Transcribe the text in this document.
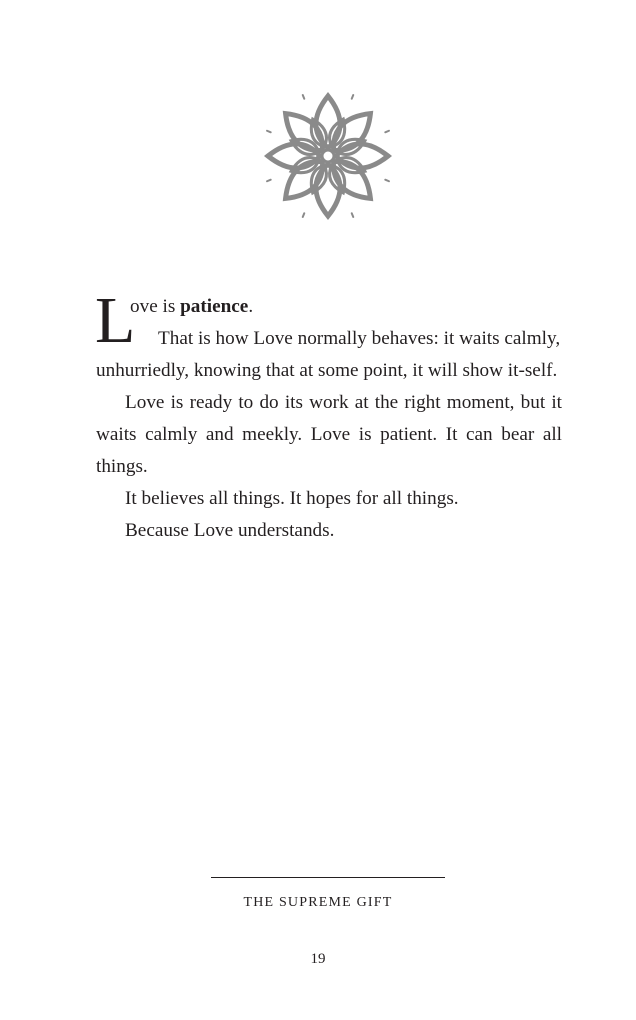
L

ove is patience.

That is how Love normally behaves: it waits calmly,

unhurriedly, knowing that at some point, it will show it-self.

Love is ready to do its work at the right moment, but it waits calmly and meekly. Love is patient. It can bear all things.

It believes all things. It hopes for all things.

Because Love understands.

THE SUPREME GIFT
19
